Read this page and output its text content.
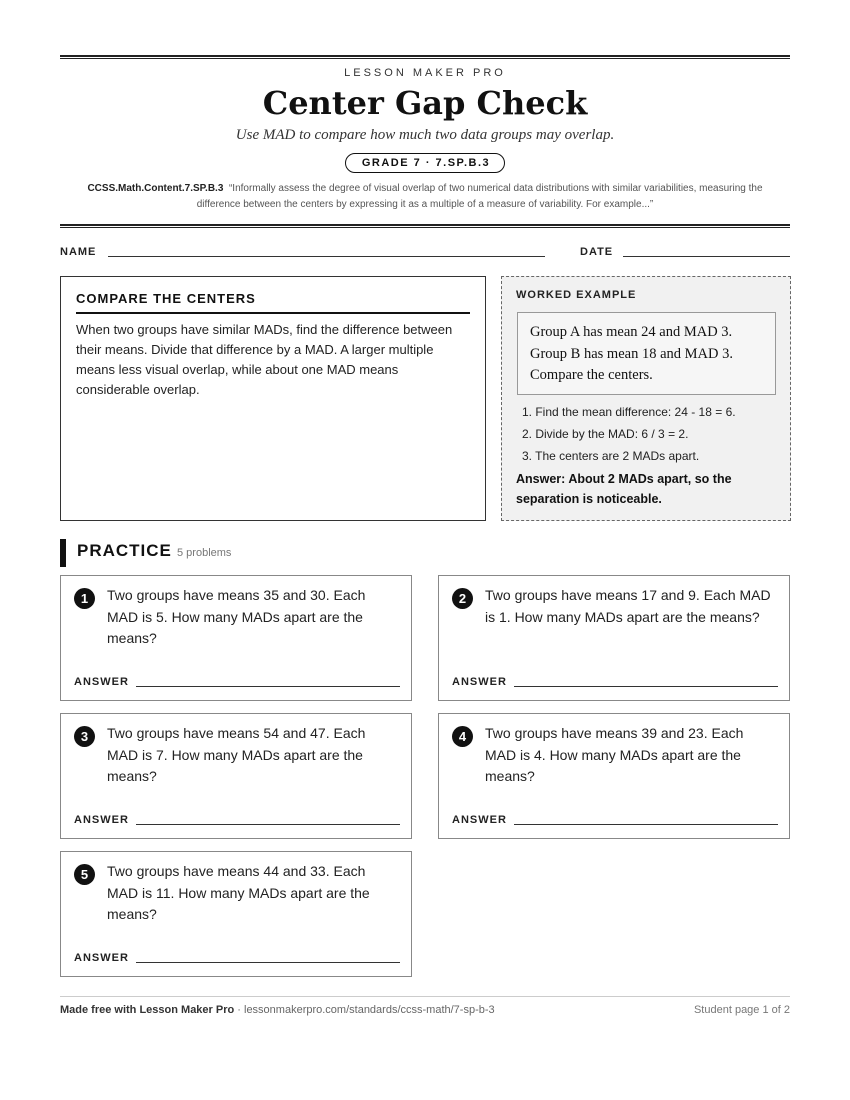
LESSON MAKER PRO
Center Gap Check
Use MAD to compare how much two data groups may overlap.
GRADE 7 · 7.SP.B.3
CCSS.Math.Content.7.SP.B.3 “Informally assess the degree of visual overlap of two numerical data distributions with similar variabilities, measuring the difference between the centers by expressing it as a multiple of a measure of variability. For example...”
NAME	DATE
COMPARE THE CENTERS

When two groups have similar MADs, find the difference between their means. Divide that difference by a MAD. A larger multiple means less visual overlap, while about one MAD means considerable overlap.

WORKED EXAMPLE
Group A has mean 24 and MAD 3.
Group B has mean 18 and MAD 3.
Compare the centers.
1. Find the mean difference: 24 - 18 = 6.
2. Divide by the MAD: 6 / 3 = 2.
3. The centers are 2 MADs apart.
Answer: About 2 MADs apart, so the separation is noticeable.
PRACTICE 5 problems
1	Two groups have means 35 and 30. Each MAD is 5. How many MADs apart are the means?
ANSWER
2	Two groups have means 17 and 9. Each MAD is 1. How many MADs apart are the means?
ANSWER
3	Two groups have means 54 and 47. Each MAD is 7. How many MADs apart are the means?
ANSWER
4	Two groups have means 39 and 23. Each MAD is 4. How many MADs apart are the means?
ANSWER
5	Two groups have means 44 and 33. Each MAD is 11. How many MADs apart are the means?
ANSWER
Made free with Lesson Maker Pro · lessonmakerpro.com/standards/ccss-math/7-sp-b-3	Student page 1 of 2
